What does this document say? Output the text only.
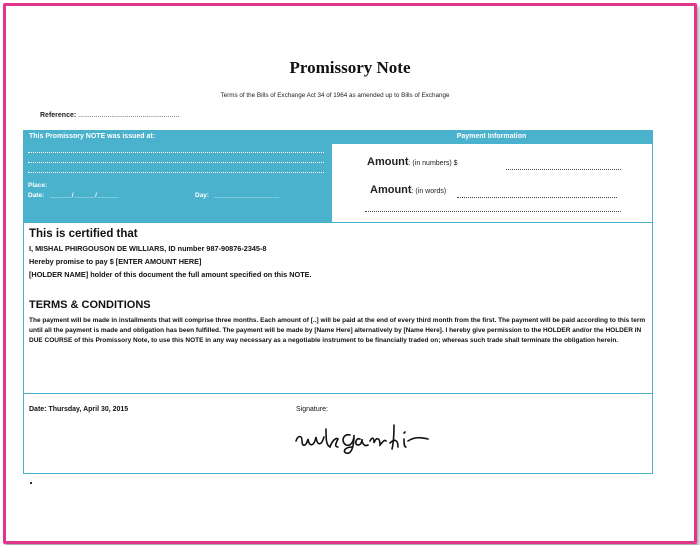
Promissory Note
Terms of the Bills of Exchange Act 34 of 1964 as amended up to Bills of Exchange
Reference: ....................................................
This Promissory NOTE was issued at:	Payment Information
Place:
Date: ______/______/______	Day: __________________
Amount: (in numbers) $
Amount: (in words)
This is certified that
I, MISHAL PHIRGOUSON DE WILLIARS, ID number 987-90876-2345-8
Hereby promise to pay $ [ENTER AMOUNT HERE]
[HOLDER NAME] holder of this document the full amount specified on this NOTE.
TERMS & CONDITIONS
The payment will be made in installments that will comprise three months. Each amount of [..] will be paid at the end of every third month from the first. The payment will be paid according to this term until all the payment is made and obligation has been fulfilled. The payment will be made by [Name Here] alternatively by [Name Here]. I hereby give permission to the HOLDER and/or the HOLDER IN DUE COURSE of this Promissory Note, to use this NOTE in any way necessary as a negotiable instrument to be financially traded on; whereas such trade shall terminate the obligation herein.
Date: Thursday, April 30, 2015	Signature:
